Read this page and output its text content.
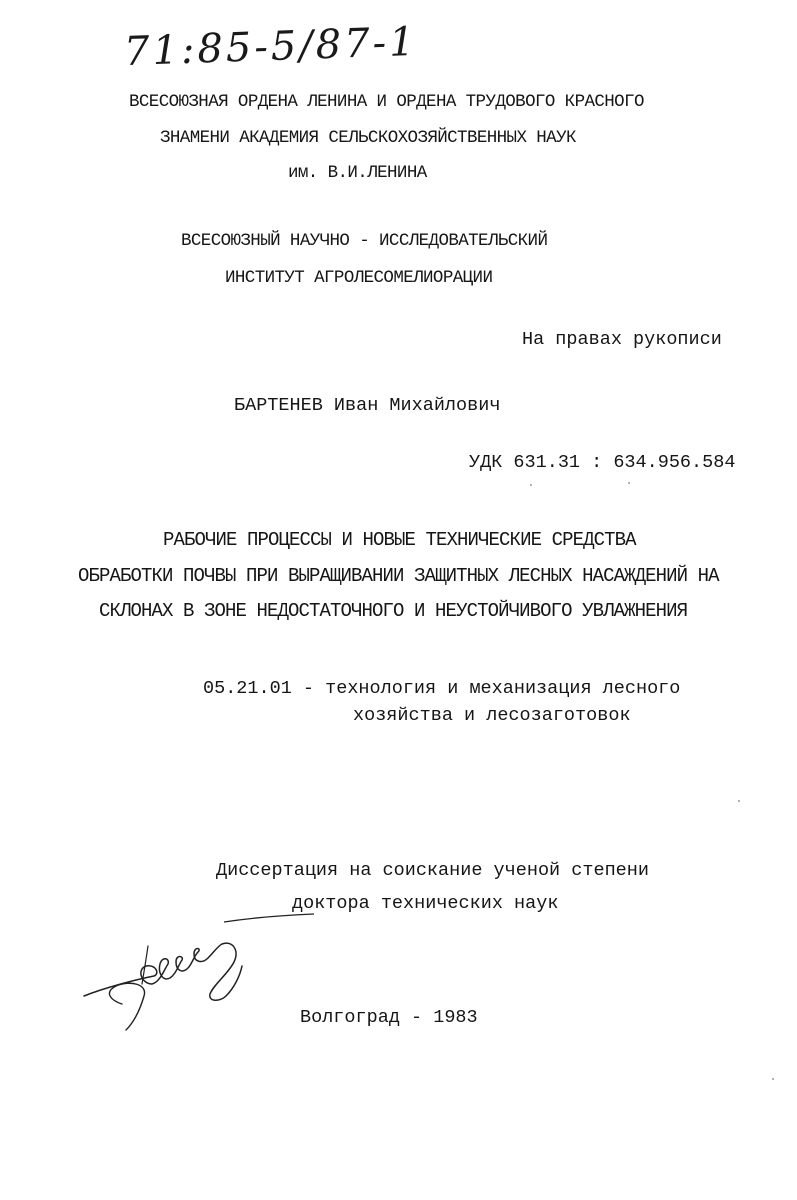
71:85-5/87-1
ВСЕСОЮЗНАЯ ОРДЕНА ЛЕНИНА И ОРДЕНА ТРУДОВОГО КРАСНОГО
ЗНАМЕНИ АКАДЕМИЯ СЕЛЬСКОХОЗЯЙСТВЕННЫХ НАУК
им. В.И.ЛЕНИНА
ВСЕСОЮЗНЫЙ НАУЧНО - ИССЛЕДОВАТЕЛЬСКИЙ
ИНСТИТУТ АГРОЛЕСОМЕЛИОРАЦИИ
На правах рукописи
БАРТЕНЕВ Иван Михайлович
УДК 631.31 : 634.956.584
РАБОЧИЕ ПРОЦЕССЫ И НОВЫЕ ТЕХНИЧЕСКИЕ СРЕДСТВА
ОБРАБОТКИ ПОЧВЫ ПРИ ВЫРАЩИВАНИИ ЗАЩИТНЫХ ЛЕСНЫХ НАСАЖДЕНИЙ НА
СКЛОНАХ В ЗОНЕ НЕДОСТАТОЧНОГО И НЕУСТОЙЧИВОГО УВЛАЖНЕНИЯ
05.21.01 - технология и механизация лесного
хозяйства и лесозаготовок
Диссертация на соискание ученой степени
доктора технических наук
Волгоград - 1983
